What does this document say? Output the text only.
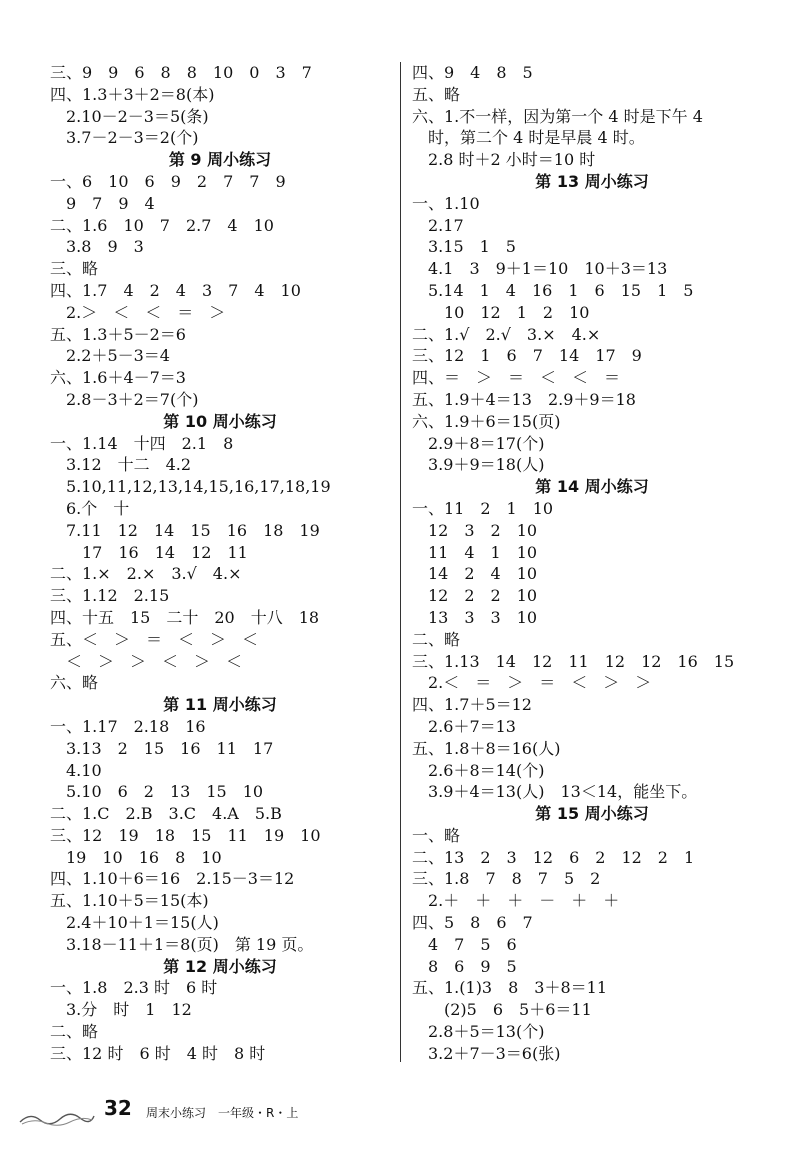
三、9　9　6　8　8　10　0　3　7
四、1.3＋3＋2＝8(本)
　2.10－2－3＝5(条)
　3.7－2－3＝2(个)
第 9 周小练习
一、6　10　6　9　2　7　7　9
　9　7　9　4
二、1.6　10　7　2.7　4　10
　3.8　9　3
三、略
四、1.7　4　2　4　3　7　4　10
　2.＞　＜　＜　＝　＞
五、1.3＋5－2＝6
　2.2＋5－3＝4
六、1.6＋4－7＝3
　2.8－3＋2＝7(个)
第 10 周小练习
一、1.14　十四　2.1　8
　3.12　十二　4.2
　5.10,11,12,13,14,15,16,17,18,19
　6.个　十
　7.11　12　14　15　16　18　19
　　17　16　14　12　11
二、1.×　2.×　3.√　4.×
三、1.12　2.15
四、十五　15　二十　20　十八　18
五、＜　＞　＝　＜　＞　＜
　＜　＞　＞　＜　＞　＜
六、略
第 11 周小练习
一、1.17　2.18　16
　3.13　2　15　16　11　17
　4.10
　5.10　6　2　13　15　10
二、1.C　2.B　3.C　4.A　5.B
三、12　19　18　15　11　19　10
　19　10　16　8　10
四、1.10＋6＝16　2.15－3＝12
五、1.10＋5＝15(本)
　2.4＋10＋1＝15(人)
　3.18－11＋1＝8(页)　第 19 页。
第 12 周小练习
一、1.8　2.3 时　6 时
　3.分　时　1　12
二、略
三、12 时　6 时　4 时　8 时
四、9　4　8　5
五、略
六、1.不一样，因为第一个 4 时是下午 4
　时，第二个 4 时是早晨 4 时。
　2.8 时＋2 小时＝10 时
第 13 周小练习
一、1.10
　2.17
　3.15　1　5
　4.1　3　9＋1＝10　10＋3＝13
　5.14　1　4　16　1　6　15　1　5
　　10　12　1　2　10
二、1.√　2.√　3.×　4.×
三、12　1　6　7　14　17　9
四、＝　＞　＝　＜　＜　＝
五、1.9＋4＝13　2.9＋9＝18
六、1.9＋6＝15(页)
　2.9＋8＝17(个)
　3.9＋9＝18(人)
第 14 周小练习
一、11　2　1　10
　12　3　2　10
　11　4　1　10
　14　2　4　10
　12　2　2　10
　13　3　3　10
二、略
三、1.13　14　12　11　12　12　16　15
　2.＜　＝　＞　＝　＜　＞　＞
四、1.7＋5＝12
　2.6＋7＝13
五、1.8＋8＝16(人)
　2.6＋8＝14(个)
　3.9＋4＝13(人)　13＜14，能坐下。
第 15 周小练习
一、略
二、13　2　3　12　6　2　12　2　1
三、1.8　7　8　7　5　2
　2.＋　＋　＋　－　＋　＋
四、5　8　6　7
　4　7　5　6
　8　6　9　5
五、1.(1)3　8　3＋8＝11
　　(2)5　6　5＋6＝11
　2.8＋5＝13(个)
　3.2＋7－3＝6(张)
32 周末小练习　一年级・R・上
